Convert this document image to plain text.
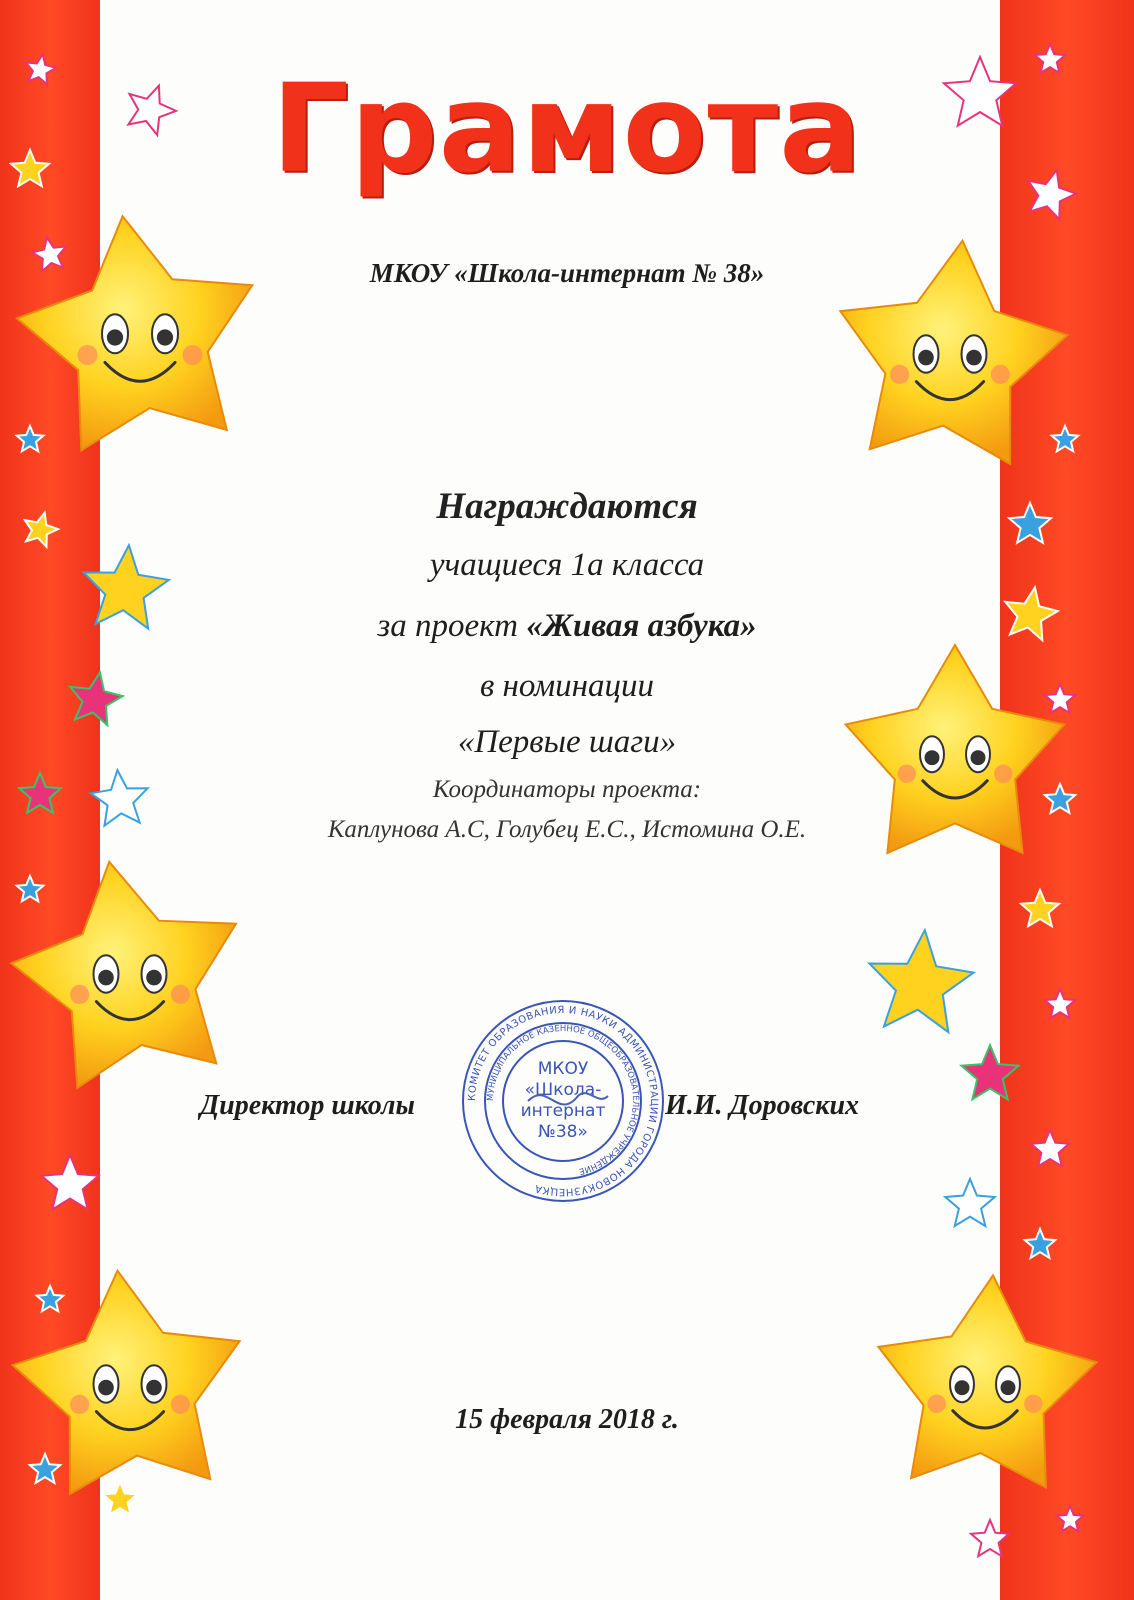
Грамота
МКОУ «Школа-интернат № 38»
Награждаются
учащиеся 1а класса
за проект «Живая азбука»
в номинации
«Первые шаги»
Координаторы проекта:
Каплунова А.С, Голубец Е.С., Истомина О.Е.
Директор школы	И.И. Доровских
КОМИТЕТ ОБРАЗОВАНИЯ И НАУКИ АДМИНИСТРАЦИИ ГОРОДА НОВОКУЗНЕЦКА
МУНИЦИПАЛЬНОЕ КАЗЕННОЕ ОБЩЕОБРАЗОВАТЕЛЬНОЕ УЧРЕЖДЕНИЕ
МКОУ
«Школа-
интернат
№38»
15 февраля 2018 г.
